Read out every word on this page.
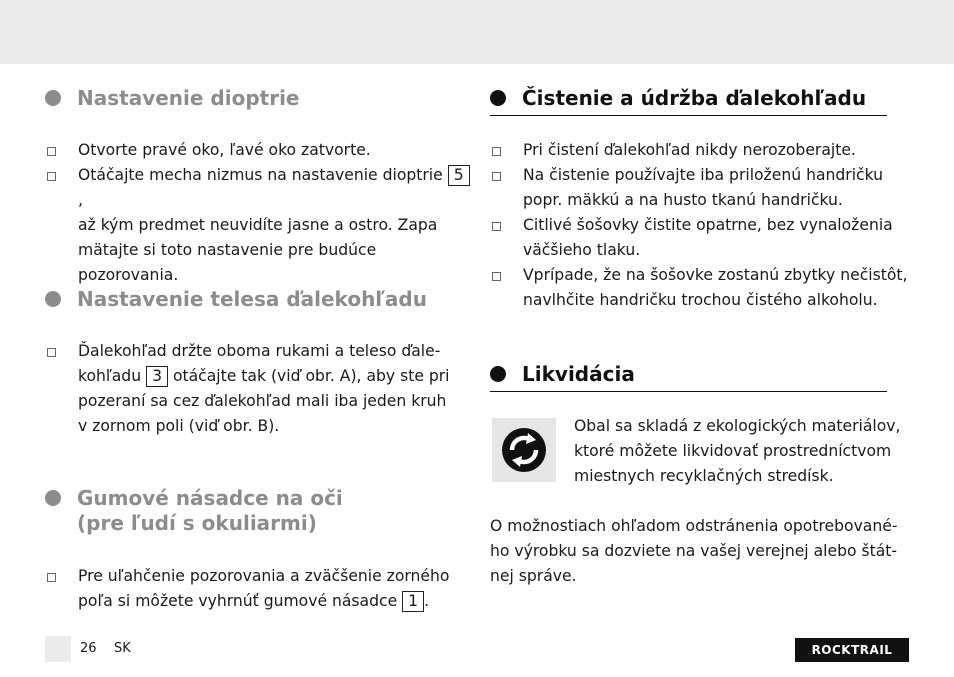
Nastavenie dioptrie
Otvorte pravé oko, ľavé oko zatvorte.
Otáčajte mecha nizmus na nastavenie dioptrie 5,
až kým predmet neuvidíte jasne a ostro. Zapa
mätajte si toto nastavenie pre budúce pozorovania.
Nastavenie telesa ďalekohľadu
Ďalekohľad držte oboma rukami a teleso ďale-
kohľadu 3 otáčajte tak (viď obr. A), aby ste pri
pozeraní sa cez ďalekohľad mali iba jeden kruh
v zornom poli (viď obr. B).
Gumové násadce na oči
(pre ľudí s okuliarmi)
Pre uľahčenie pozorovania a zväčšenie zorného
poľa si môžete vyhrnúť gumové násadce 1 .
Čistenie a údržba ďalekohľadu
Pri čistení ďalekohľad nikdy nerozoberajte.
Na čistenie používajte iba priloženú handričku
popr. mäkkú a na husto tkanú handričku.
Citlivé šošovky čistite opatrne, bez vynaloženia
väčšieho tlaku.
Vprípade, že na šošovke zostanú zbytky nečistôt,
navlhčite handričku trochou čistého alkoholu.
Likvidácia
Obal sa skladá z ekologických materiálov,
ktoré môžete likvidovať prostredníctvom
miestnych recyklačných stredísk.
O možnostiach ohľadom odstránenia opotrebované-
ho výrobku sa dozviete na vašej verejnej alebo štát-
nej správe.
26 SK	ROCKTRAIL
